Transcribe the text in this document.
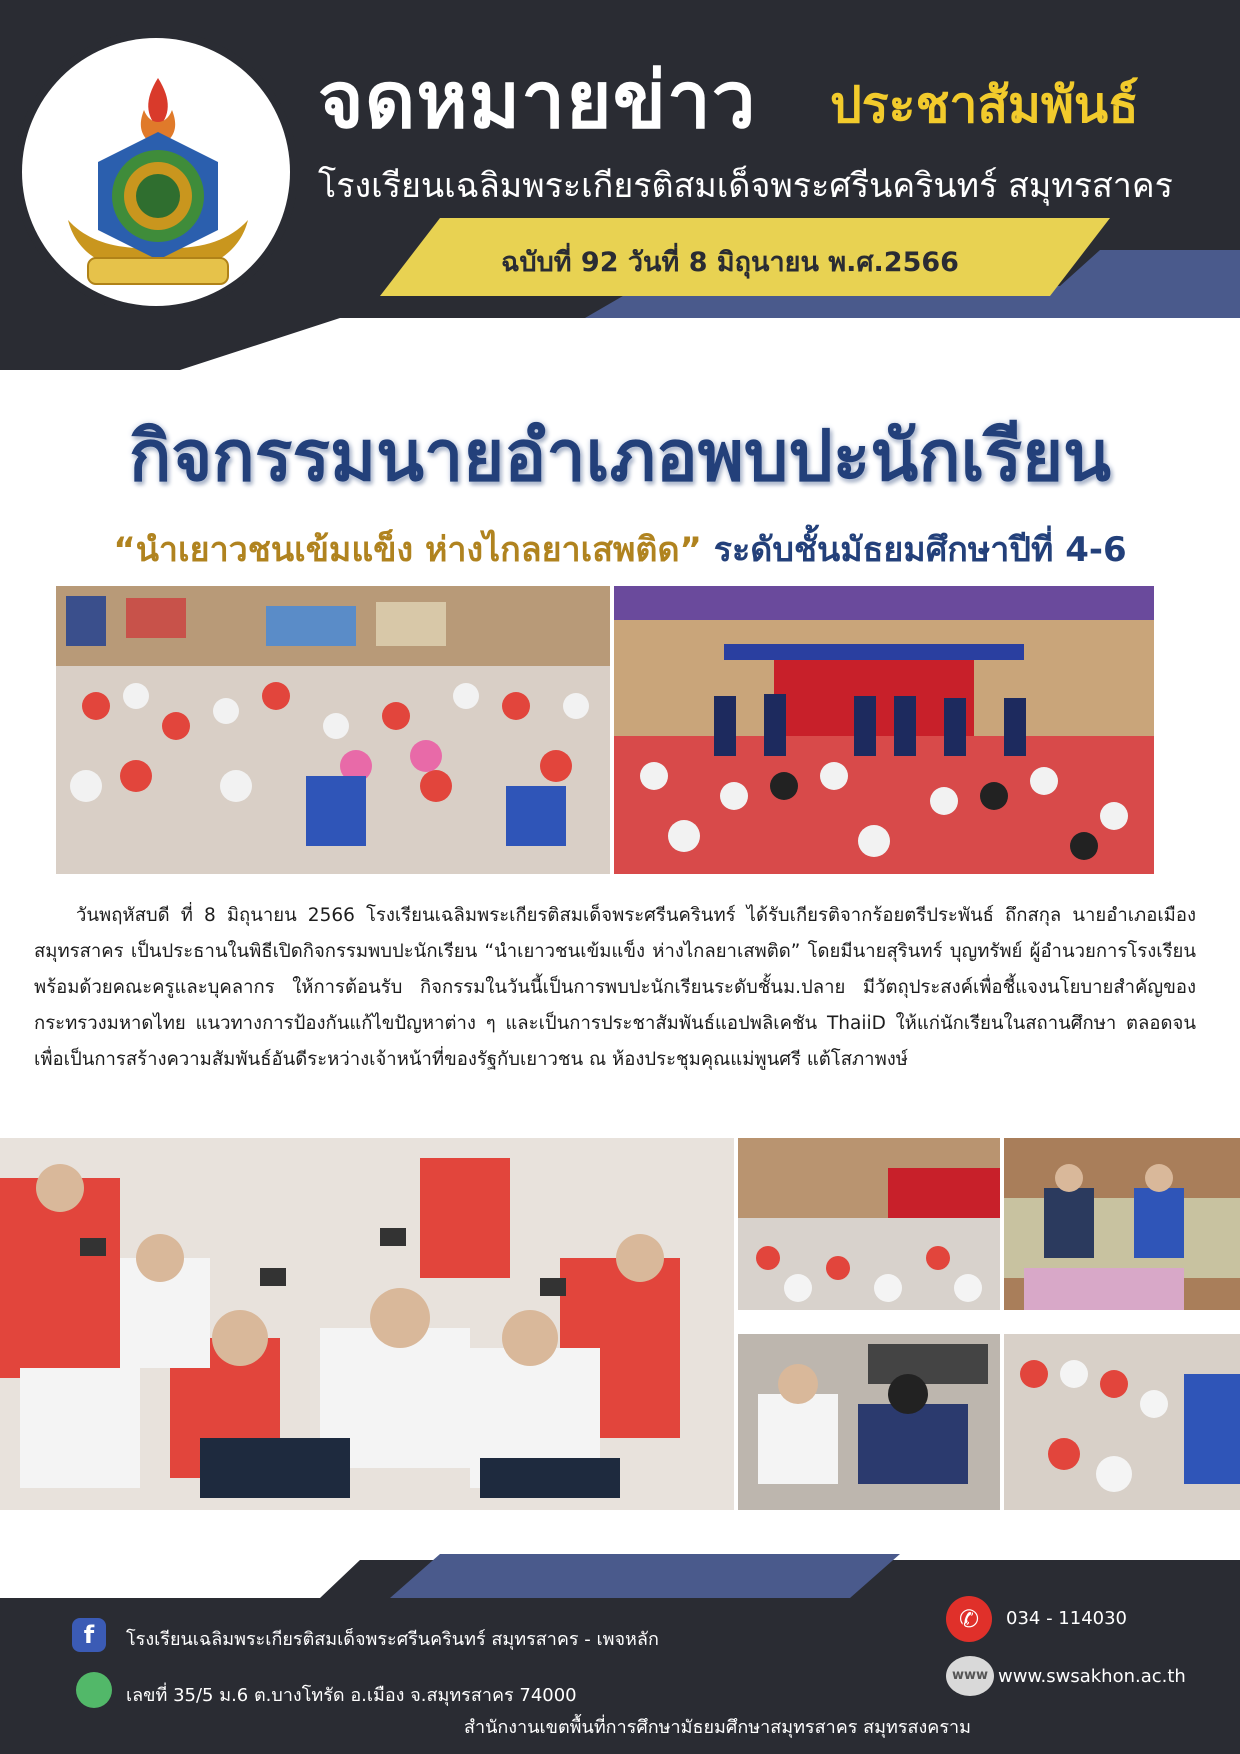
จดหมายข่าว ประชาสัมพันธ์
โรงเรียนเฉลิมพระเกียรติสมเด็จพระศรีนครินทร์ สมุทรสาคร
ฉบับที่ 92 วันที่ 8 มิถุนายน พ.ศ.2566
กิจกรรมนายอำเภอพบปะนักเรียน
“นำเยาวชนเข้มแข็ง ห่างไกลยาเสพติด” ระดับชั้นมัธยมศึกษาปีที่ 4-6
วันพฤหัสบดี ที่ 8 มิถุนายน 2566 โรงเรียนเฉลิมพระเกียรติสมเด็จพระศรีนครินทร์ ได้รับเกียรติจากร้อยตรีประพันธ์ ถึกสกุล นายอำเภอเมืองสมุทรสาคร เป็นประธานในพิธีเปิดกิจกรรมพบปะนักเรียน “นำเยาวชนเข้มแข็ง ห่างไกลยาเสพติด” โดยมีนายสุรินทร์ บุญทรัพย์ ผู้อำนวยการโรงเรียน พร้อมด้วยคณะครูและบุคลากร ให้การต้อนรับ กิจกรรมในวันนี้เป็นการพบปะนักเรียนระดับชั้นม.ปลาย มีวัตถุประสงค์เพื่อชี้แจงนโยบายสำคัญของกระทรวงมหาดไทย แนวทางการป้องกันแก้ไขปัญหาต่าง ๆ และเป็นการประชาสัมพันธ์แอปพลิเคชัน ThaiiD ให้แก่นักเรียนในสถานศึกษา ตลอดจนเพื่อเป็นการสร้างความสัมพันธ์อันดีระหว่างเจ้าหน้าที่ของรัฐกับเยาวชน ณ ห้องประชุมคุณแม่พูนศรี แต้โสภาพงษ์
f	โรงเรียนเฉลิมพระเกียรติสมเด็จพระศรีนครินทร์ สมุทรสาคร - เพจหลัก
เลขที่ 35/5 ม.6 ต.บางโทรัด อ.เมือง จ.สมุทรสาคร 74000
✆	034 - 114030
www www.swsakhon.ac.th
สำนักงานเขตพื้นที่การศึกษามัธยมศึกษาสมุทรสาคร สมุทรสงคราม
